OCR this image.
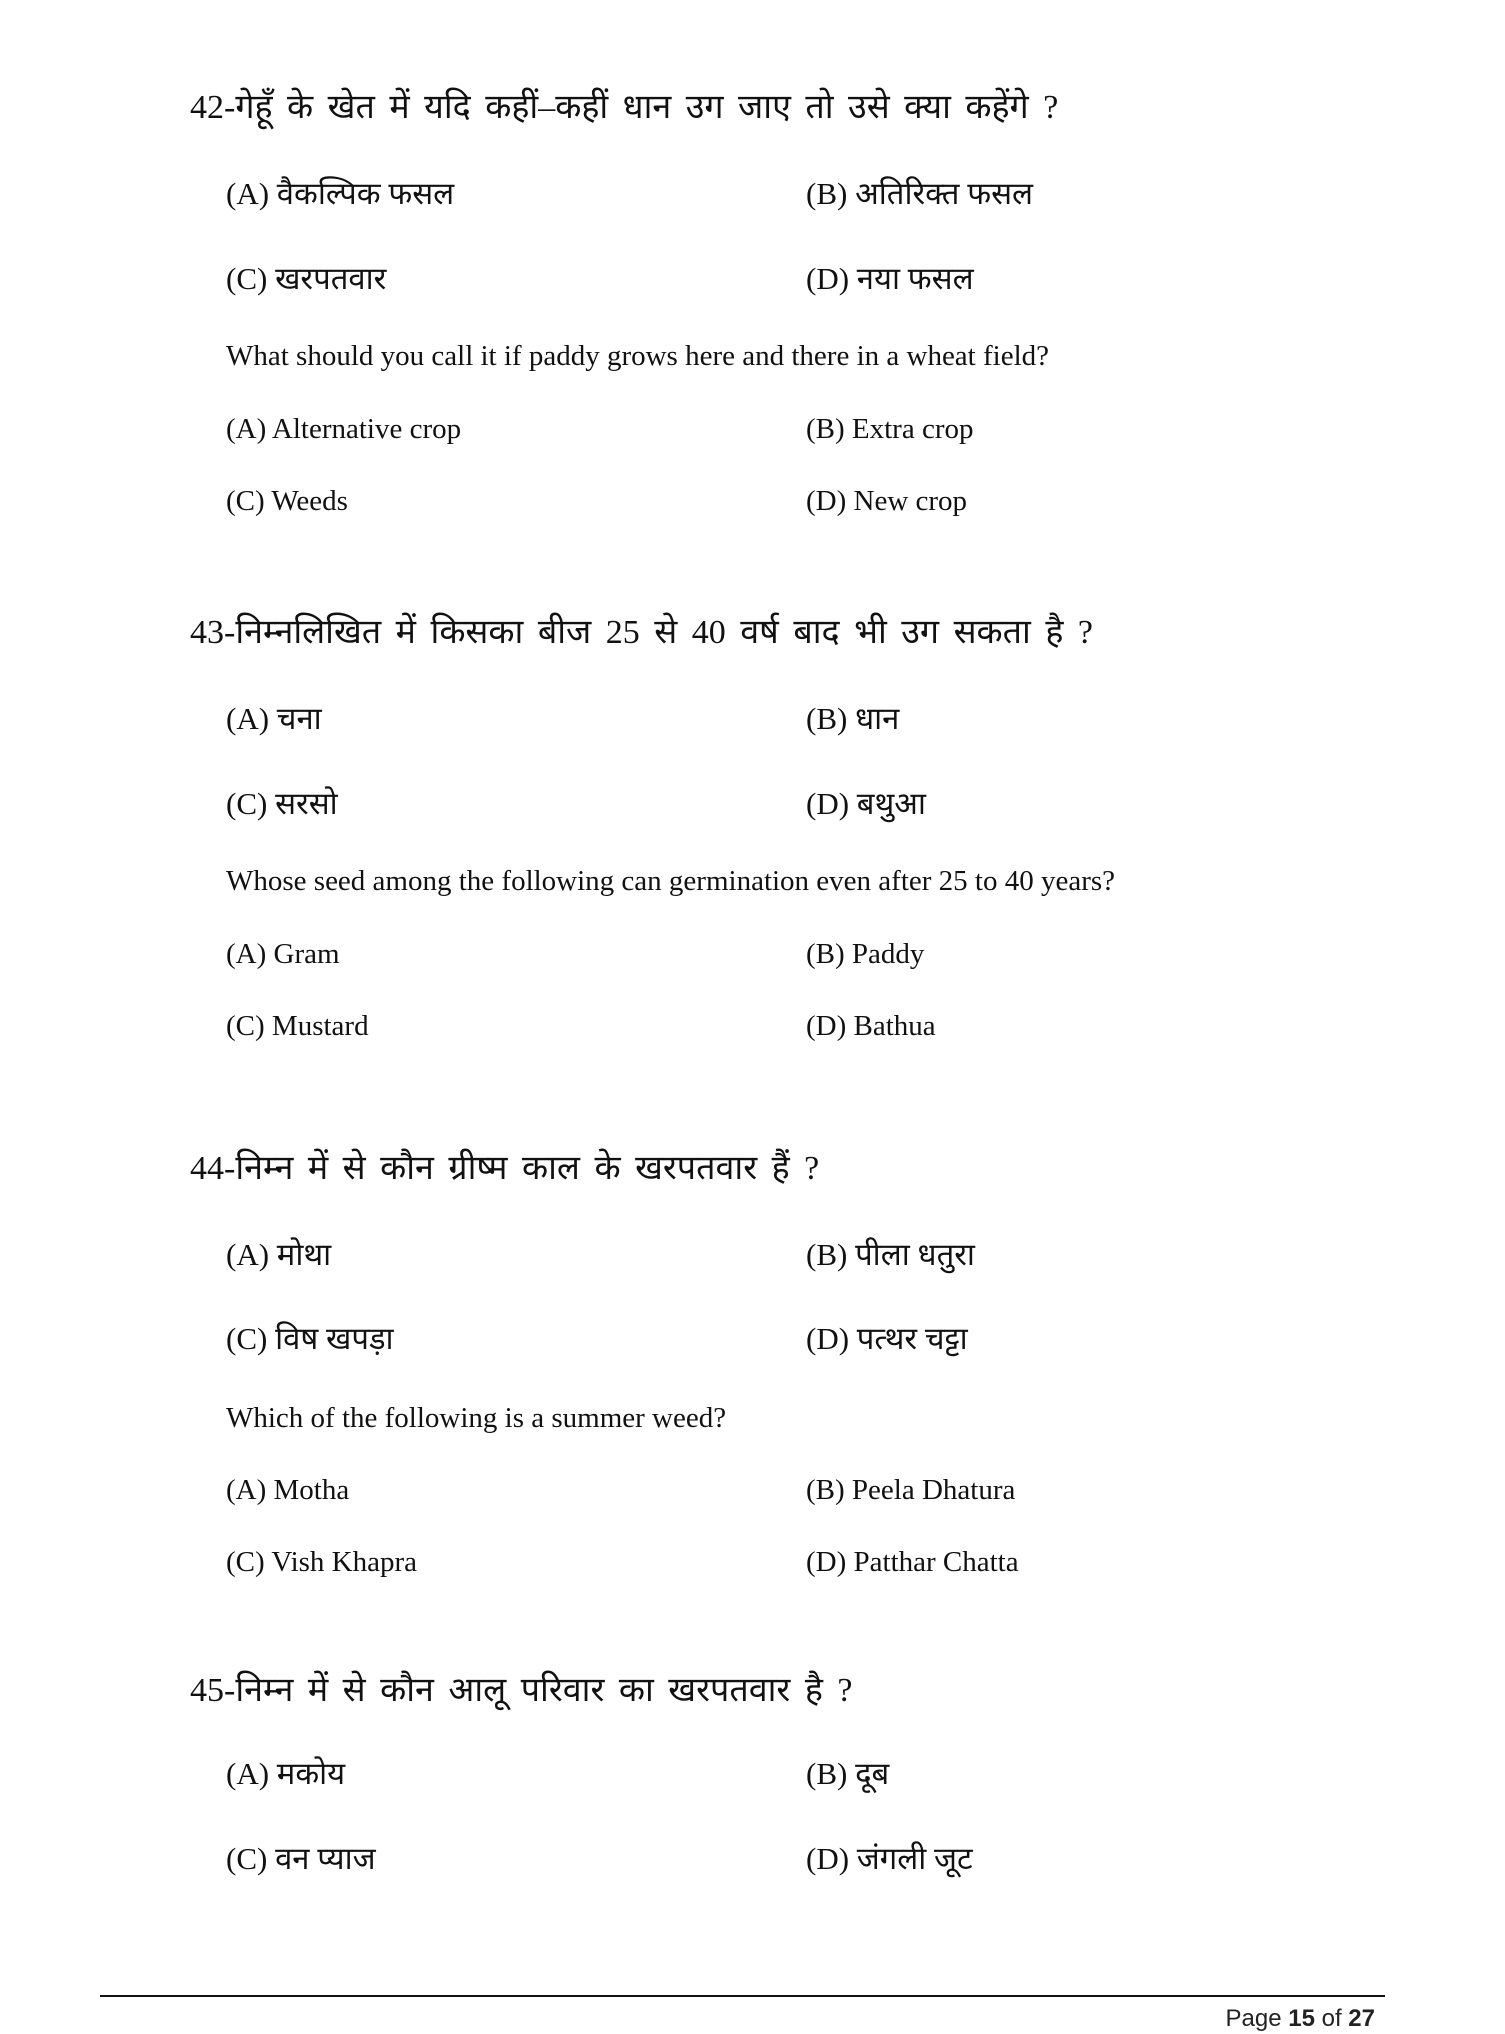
42-गेहूँ के खेत में यदि कहीं–कहीं धान उग जाए तो उसे क्या कहेंगे ?
(A) वैकल्पिक फसल	(B) अतिरिक्त फसल
(C) खरपतवार	(D) नया फसल
What should you call it if paddy grows here and there in a wheat field?
(A) Alternative crop	(B) Extra crop
(C) Weeds	(D) New crop
43-निम्नलिखित में किसका बीज 25 से 40 वर्ष बाद भी उग सकता है ?
(A) चना	(B) धान
(C) सरसो	(D) बथुआ
Whose seed among the following can germination even after 25 to 40 years?
(A) Gram	(B) Paddy
(C) Mustard	(D) Bathua
44-निम्न में से कौन ग्रीष्म काल के खरपतवार हैं ?
(A) मोथा	(B) पीला धतुरा
(C) विष खपड़ा	(D) पत्थर चट्टा
Which of the following is a summer weed?
(A) Motha	(B) Peela Dhatura
(C) Vish Khapra	(D) Patthar Chatta
45-निम्न में से कौन आलू परिवार का खरपतवार है ?
(A) मकोय	(B) दूब
(C) वन प्याज	(D) जंगली जूट
Page 15 of 27
